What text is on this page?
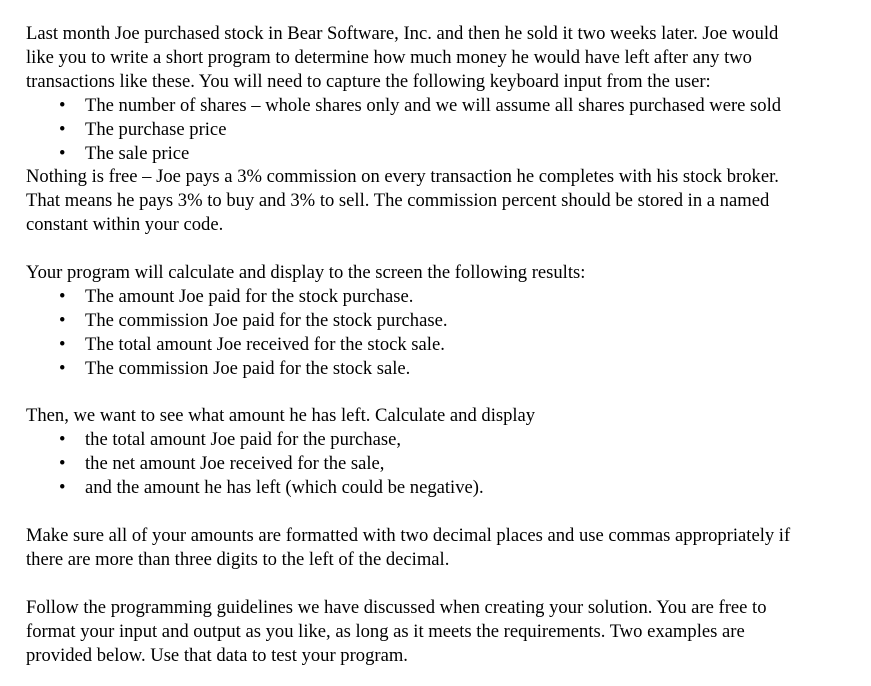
Last month Joe purchased stock in Bear Software, Inc. and then he sold it two weeks later. Joe would

like you to write a short program to determine how much money he would have left after any two

transactions like these. You will need to capture the following keyboard input from the user:

• The number of shares – whole shares only and we will assume all shares purchased were sold
• The purchase price
• The sale price

Nothing is free – Joe pays a 3% commission on every transaction he completes with his stock broker.

That means he pays 3% to buy and 3% to sell. The commission percent should be stored in a named

constant within your code.

Your program will calculate and display to the screen the following results:

• The amount Joe paid for the stock purchase.
• The commission Joe paid for the stock purchase.
• The total amount Joe received for the stock sale.
• The commission Joe paid for the stock sale.

Then, we want to see what amount he has left. Calculate and display

• the total amount Joe paid for the purchase,
• the net amount Joe received for the sale,
• and the amount he has left (which could be negative).

Make sure all of your amounts are formatted with two decimal places and use commas appropriately if

there are more than three digits to the left of the decimal.

Follow the programming guidelines we have discussed when creating your solution. You are free to

format your input and output as you like, as long as it meets the requirements. Two examples are

provided below. Use that data to test your program.
